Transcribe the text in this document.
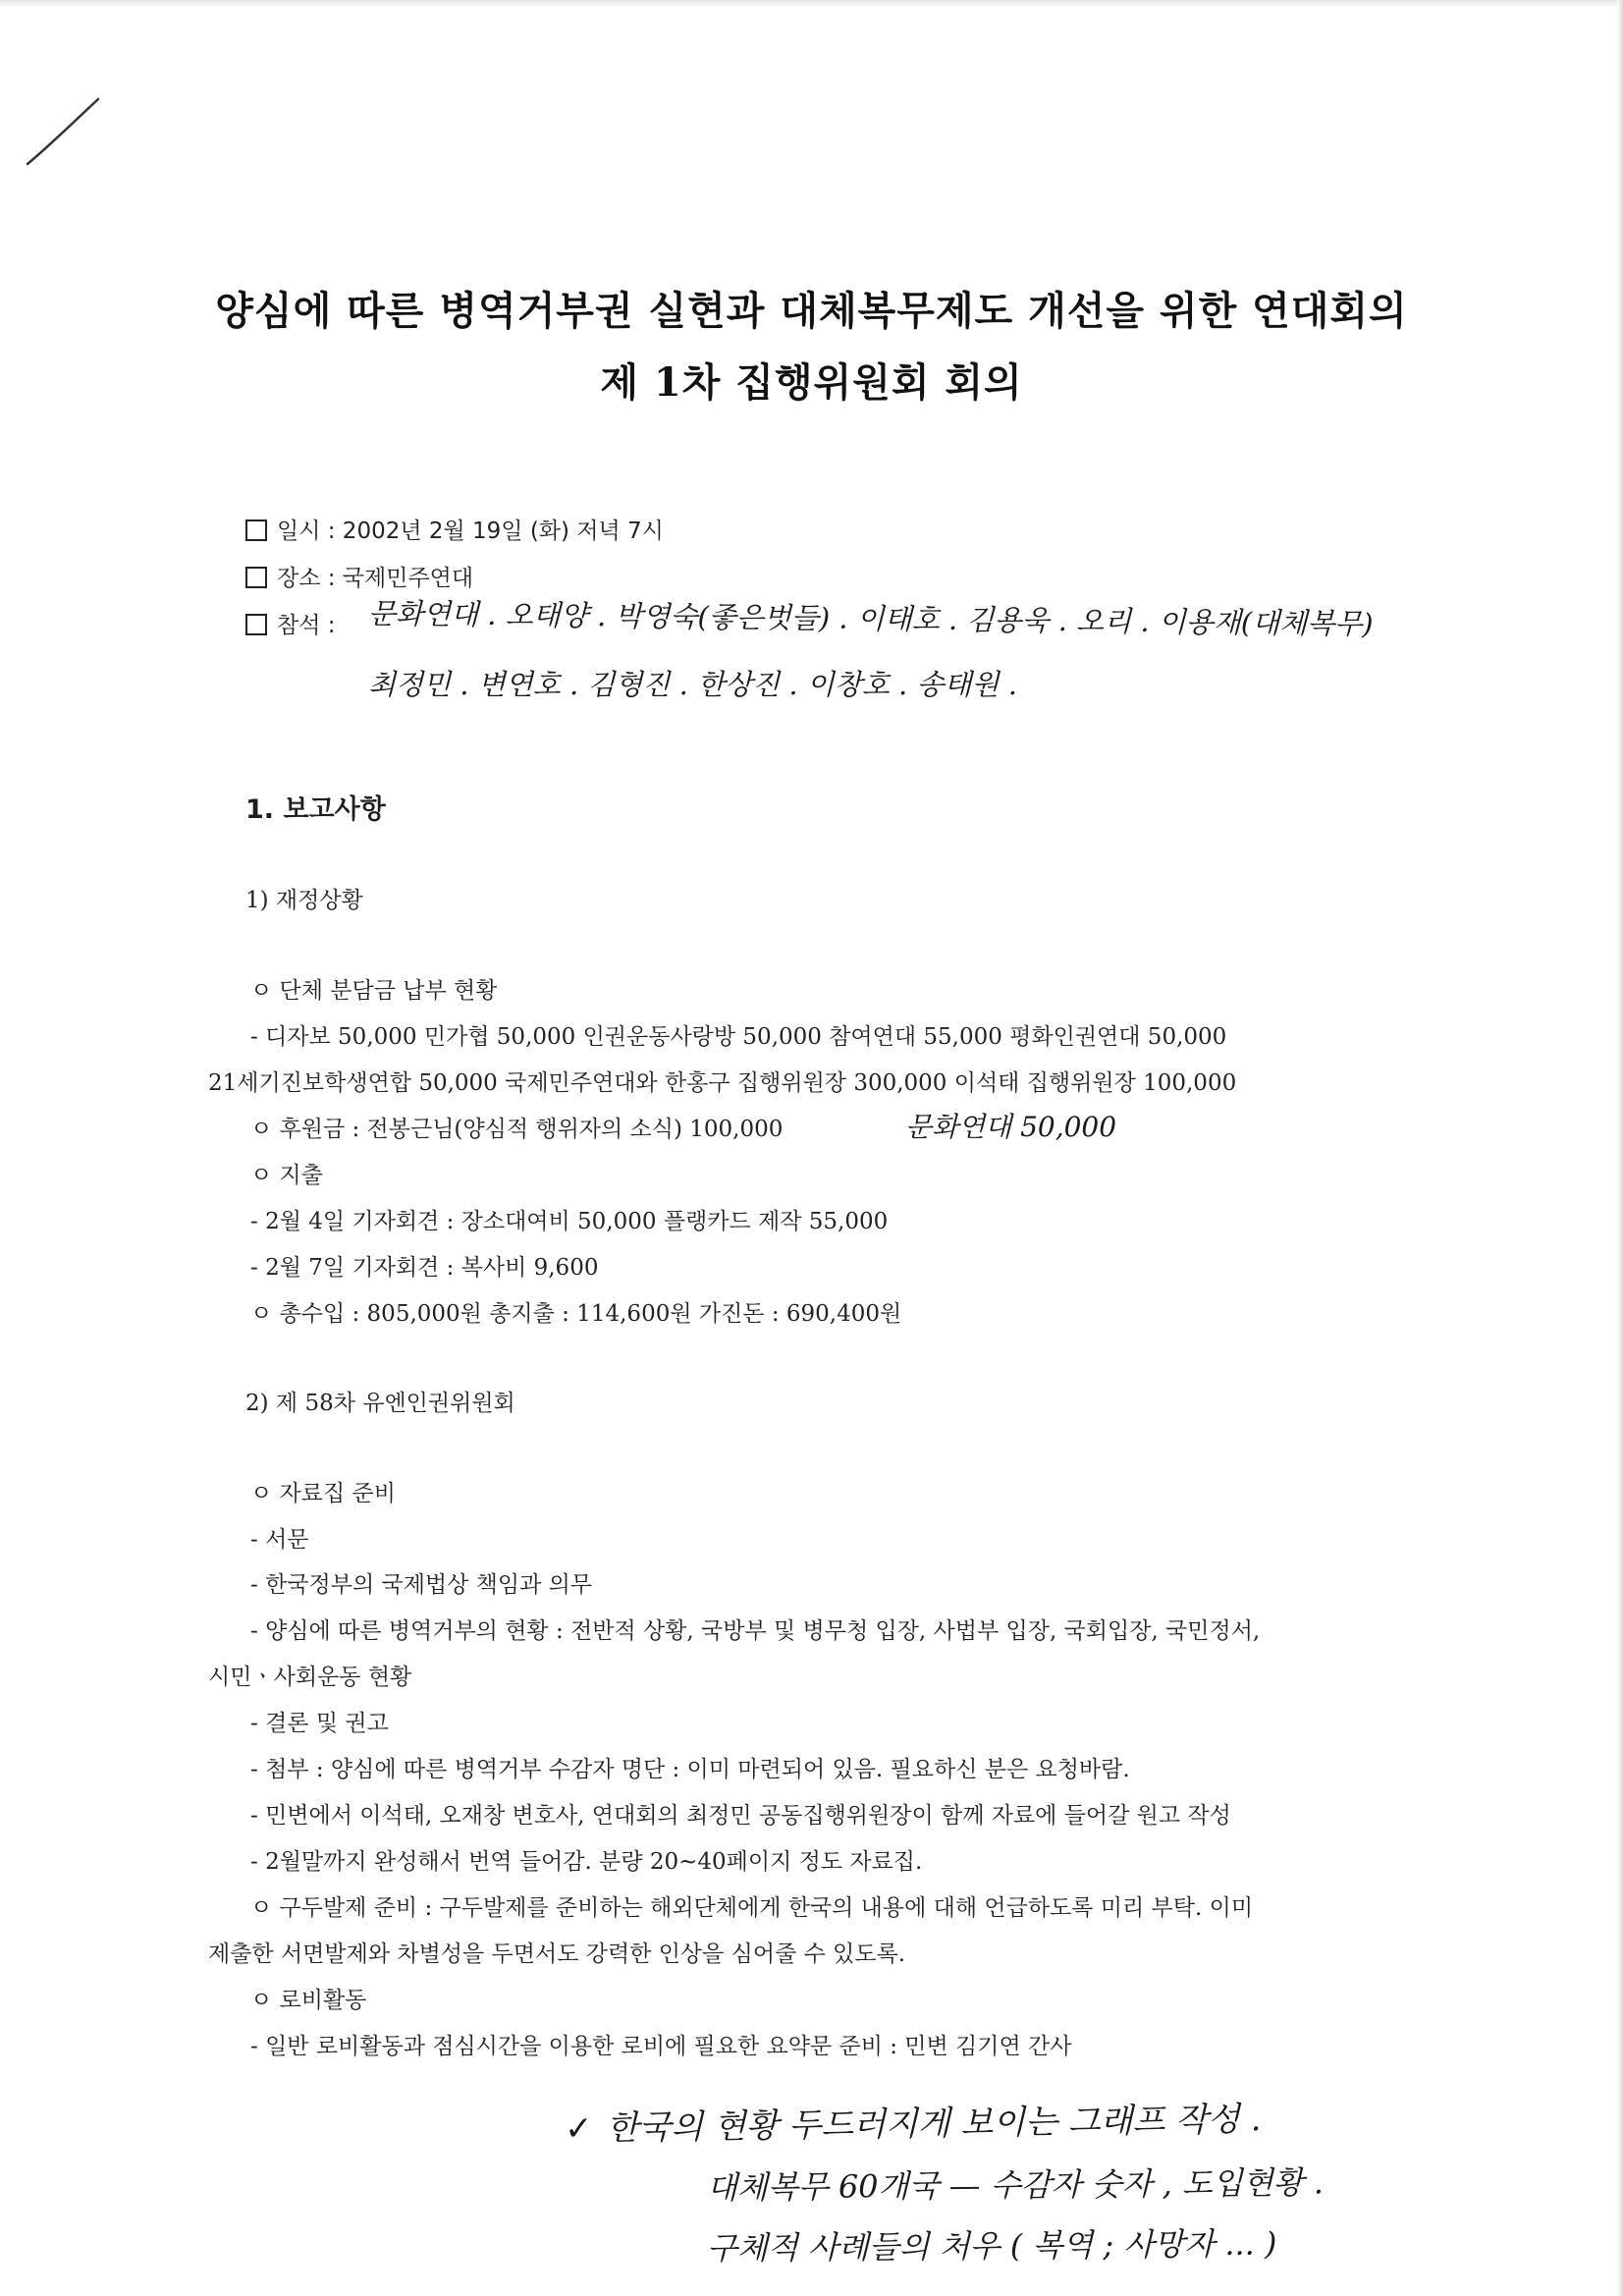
양심에 따른 병역거부권 실현과 대체복무제도 개선을 위한 연대회의
제 1차 집행위원회 회의
일시 : 2002년 2월 19일 (화) 저녁 7시
장소 : 국제민주연대
참석 : 문화연대 . 오태양 . 박영숙(좋은벗들) . 이태호 . 김용욱 . 오리 . 이용재(대체복무)
최정민 . 변연호 . 김형진 . 한상진 . 이창호 . 송태원 .
1. 보고사항
1) 재정상황
ㅇ 단체 분담금 납부 현황
- 디자보 50,000 민가협 50,000 인권운동사랑방 50,000 참여연대 55,000 평화인권연대 50,000
21세기진보학생연합 50,000 국제민주연대와 한홍구 집행위원장 300,000 이석태 집행위원장 100,000
ㅇ 후원금 : 전봉근님(양심적 행위자의 소식) 100,000	문화연대 50,000
ㅇ 지출
- 2월 4일 기자회견 : 장소대여비 50,000 플랭카드 제작 55,000
- 2월 7일 기자회견 : 복사비 9,600
ㅇ 총수입 : 805,000원 총지출 : 114,600원 가진돈 : 690,400원
2) 제 58차 유엔인권위원회
ㅇ 자료집 준비
- 서문
- 한국정부의 국제법상 책임과 의무
- 양심에 따른 병역거부의 현황 : 전반적 상황, 국방부 및 병무청 입장, 사법부 입장, 국회입장, 국민정서,
시민ㆍ사회운동 현황
- 결론 및 권고
- 첨부 : 양심에 따른 병역거부 수감자 명단 : 이미 마련되어 있음. 필요하신 분은 요청바람.
- 민변에서 이석태, 오재창 변호사, 연대회의 최정민 공동집행위원장이 함께 자료에 들어갈 원고 작성
- 2월말까지 완성해서 번역 들어감. 분량 20~40페이지 정도 자료집.
ㅇ 구두발제 준비 : 구두발제를 준비하는 해외단체에게 한국의 내용에 대해 언급하도록 미리 부탁. 이미
제출한 서면발제와 차별성을 두면서도 강력한 인상을 심어줄 수 있도록.
ㅇ 로비활동
- 일반 로비활동과 점심시간을 이용한 로비에 필요한 요약문 준비 : 민변 김기연 간사
✓ 한국의 현황 두드러지게 보이는 그래프 작성 .
대체복무 60개국 — 수감자 숫자 , 도입현황 .
구체적 사례들의 처우 ( 복역 ; 사망자 ... )
